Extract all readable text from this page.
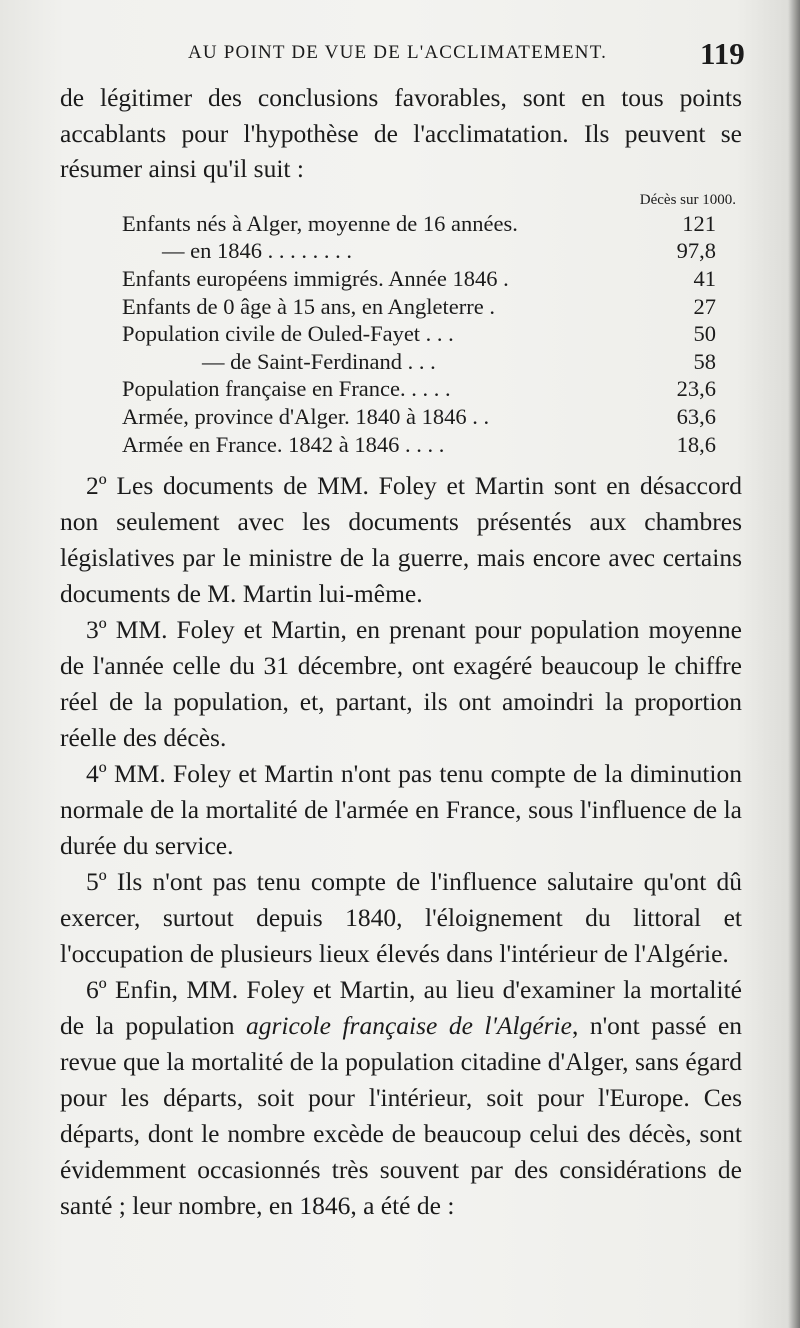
AU POINT DE VUE DE L'ACCLIMATEMENT.	119

de légitimer des conclusions favorables, sont en tous points accablants pour l'hypothèse de l'acclimatation. Ils peuvent se résumer ainsi qu'il suit :

Décès sur 1000.
Enfants nés à Alger, moyenne de 16 années.	121
— en 1846 . . . . . . . .	97,8
Enfants européens immigrés. Année 1846 .	41
Enfants de 0 âge à 15 ans, en Angleterre .	27
Population civile de Ouled-Fayet . . .	50
— de Saint-Ferdinand . . .	58
Population française en France. . . . .	23,6
Armée, province d'Alger. 1840 à 1846 . .	63,6
Armée en France. 1842 à 1846 . . . .	18,6

2º Les documents de MM. Foley et Martin sont en désaccord non seulement avec les documents présentés aux chambres législatives par le ministre de la guerre, mais encore avec certains documents de M. Martin lui-même.

3º MM. Foley et Martin, en prenant pour population moyenne de l'année celle du 31 décembre, ont exagéré beaucoup le chiffre réel de la population, et, partant, ils ont amoindri la proportion réelle des décès.

4º MM. Foley et Martin n'ont pas tenu compte de la diminution normale de la mortalité de l'armée en France, sous l'influence de la durée du service.

5º Ils n'ont pas tenu compte de l'influence salutaire qu'ont dû exercer, surtout depuis 1840, l'éloignement du littoral et l'occupation de plusieurs lieux élevés dans l'intérieur de l'Algérie.

6º Enfin, MM. Foley et Martin, au lieu d'examiner la mortalité de la population agricole française de l'Algérie, n'ont passé en revue que la mortalité de la population citadine d'Alger, sans égard pour les départs, soit pour l'intérieur, soit pour l'Europe. Ces départs, dont le nombre excède de beaucoup celui des décès, sont évidemment occasionnés très souvent par des considérations de santé ; leur nombre, en 1846, a été de :
